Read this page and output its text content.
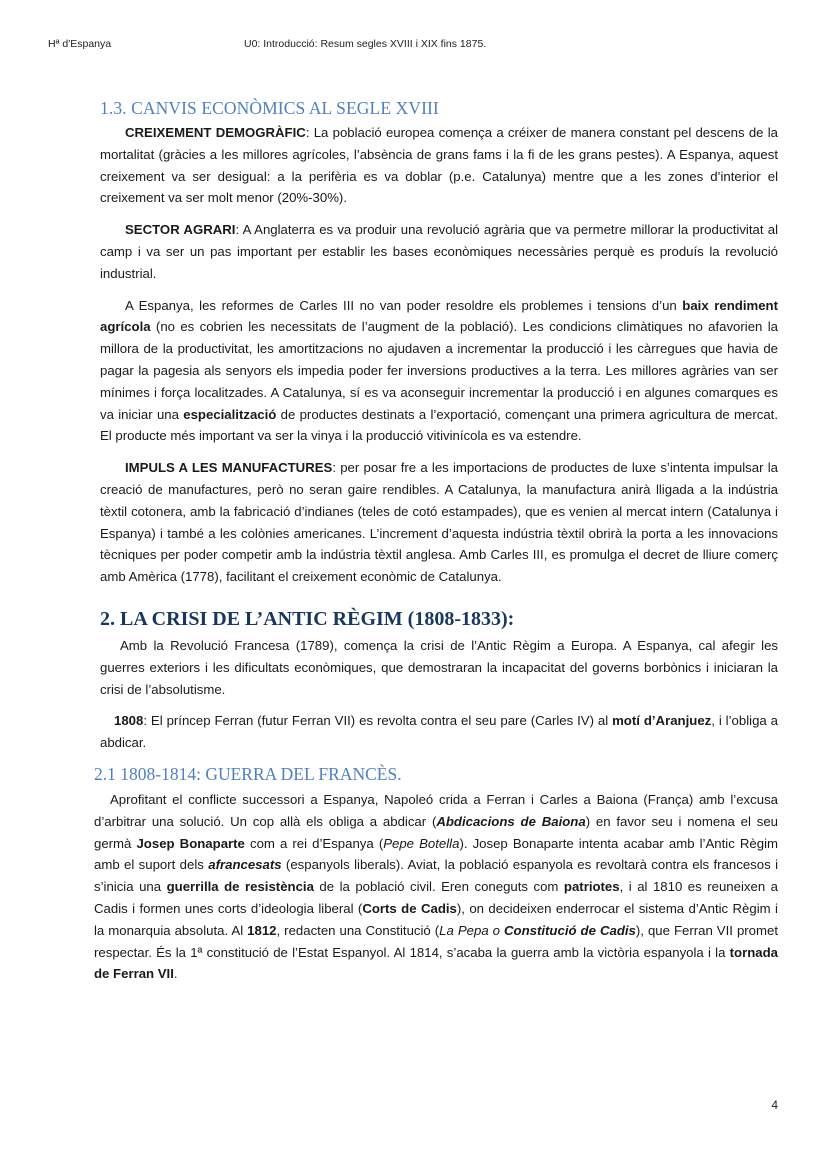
Hª d'Espanya	U0: Introducció: Resum segles XVIII i XIX fins 1875.
1.3. CANVIS ECONÒMICS AL SEGLE XVIII

CREIXEMENT DEMOGRÀFIC: La població europea comença a créixer de manera constant pel descens de la mortalitat (gràcies a les millores agrícoles, l’absència de grans fams i la fi de les grans pestes). A Espanya, aquest creixement va ser desigual: a la perifèria es va doblar (p.e. Catalunya) mentre que a les zones d’interior el creixement va ser molt menor (20%-30%).

SECTOR AGRARI: A Anglaterra es va produir una revolució agrària que va permetre millorar la productivitat al camp i va ser un pas important per establir les bases econòmiques necessàries perquè es produís la revolució industrial.

A Espanya, les reformes de Carles III no van poder resoldre els problemes i tensions d’un baix rendiment agrícola (no es cobrien les necessitats de l’augment de la població). Les condicions climàtiques no afavorien la millora de la productivitat, les amortitzacions no ajudaven a incrementar la producció i les càrregues que havia de pagar la pagesia als senyors els impedia poder fer inversions productives a la terra. Les millores agràries van ser mínimes i força localitzades. A Catalunya, sí es va aconseguir incrementar la producció i en algunes comarques es va iniciar una especialització de productes destinats a l’exportació, començant una primera agricultura de mercat. El producte més important va ser la vinya i la producció vitivinícola es va estendre.

IMPULS A LES MANUFACTURES: per posar fre a les importacions de productes de luxe s’intenta impulsar la creació de manufactures, però no seran gaire rendibles. A Catalunya, la manufactura anirà lligada a la indústria tèxtil cotonera, amb la fabricació d’indianes (teles de cotó estampades), que es venien al mercat intern (Catalunya i Espanya) i també a les colònies americanes. L’increment d’aquesta indústria tèxtil obrirà la porta a les innovacions tècniques per poder competir amb la indústria tèxtil anglesa. Amb Carles III, es promulga el decret de lliure comerç amb Amèrica (1778), facilitant el creixement econòmic de Catalunya.

2. LA CRISI DE L’ANTIC RÈGIM (1808-1833):

Amb la Revolució Francesa (1789), comença la crisi de l’Antic Règim a Europa. A Espanya, cal afegir les guerres exteriors i les dificultats econòmiques, que demostraran la incapacitat del governs borbònics i iniciaran la crisi de l’absolutisme.

1808: El príncep Ferran (futur Ferran VII) es revolta contra el seu pare (Carles IV) al motí d’Aranjuez, i l’obliga a abdicar.

2.1 1808-1814: GUERRA DEL FRANCÈS.

Aprofitant el conflicte successori a Espanya, Napoleó crida a Ferran i Carles a Baiona (França) amb l’excusa d’arbitrar una solució. Un cop allà els obliga a abdicar (Abdicacions de Baiona) en favor seu i nomena el seu germà Josep Bonaparte com a rei d’Espanya (Pepe Botella). Josep Bonaparte intenta acabar amb l’Antic Règim amb el suport dels afrancesats (espanyols liberals). Aviat, la població espanyola es revoltarà contra els francesos i s’inicia una guerrilla de resistència de la població civil. Eren coneguts com patriotes, i al 1810 es reuneixen a Cadis i formen unes corts d’ideologia liberal (Corts de Cadis), on decideixen enderrocar el sistema d’Antic Règim i la monarquia absoluta. Al 1812, redacten una Constitució (La Pepa o Constitució de Cadis), que Ferran VII promet respectar. És la 1ª constitució de l’Estat Espanyol. Al 1814, s’acaba la guerra amb la victòria espanyola i la tornada de Ferran VII.

4
